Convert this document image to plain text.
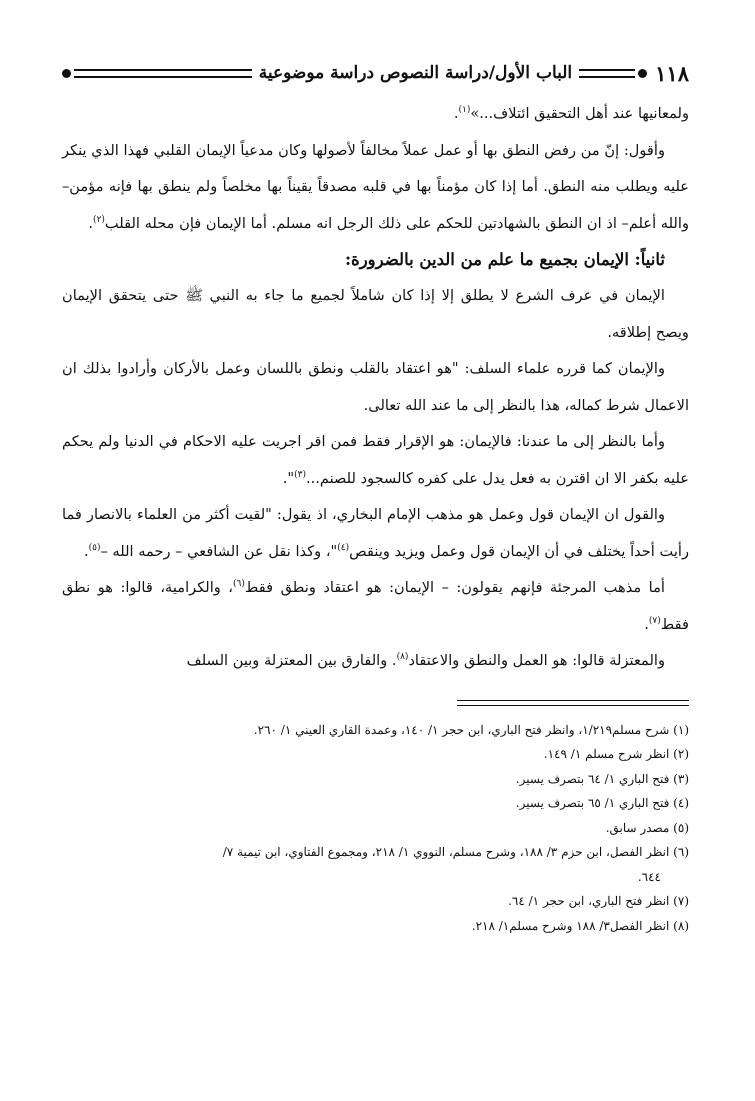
١١٨
الباب الأول/دراسة النصوص دراسة موضوعية

ولمعانيها عند أهل التحقيق ائتلاف...»$^{(١)}$.

وأقول: إنّ من رفض النطق بها أو عمل عملاً مخالفاً لأصولها وكان مدعياً الإيمان القلبي فهذا الذي ينكر عليه ويطلب منه النطق. أما إذا كان مؤمناً بها في قلبه مصدقاً يقيناً بها مخلصاً ولم ينطق بها فإنه مؤمن–والله أعلم– اذ ان النطق بالشهادتين للحكم على ذلك الرجل انه مسلم. أما الإيمان فإن محله القلب$^{(٢)}$.

ثانياً: الإيمان بجميع ما علم من الدين بالضرورة:

الإيمان في عرف الشرع لا يطلق إلا إذا كان شاملاً لجميع ما جاء به النبي ﷺ حتى يتحقق الإيمان ويصح إطلاقه.

والإيمان كما قرره علماء السلف: "هو اعتقاد بالقلب ونطق باللسان وعمل بالأركان وأرادوا بذلك ان الاعمال شرط كماله، هذا بالنظر إلى ما عند الله تعالى.

وأما بالنظر إلى ما عندنا: فالإيمان: هو الإقرار فقط فمن اقر اجريت عليه الاحكام في الدنيا ولم يحكم عليه بكفر الا ان اقترن به فعل يدل على كفره كالسجود للصنم...$^{(٣)}$".

والقول ان الإيمان قول وعمل هو مذهب الإمام البخاري، اذ يقول: "لقيت أكثر من العلماء بالانصار فما رأيت أحداً يختلف في أن الإيمان قول وعمل ويزيد وينقص$^{(٤)}$"، وكذا نقل عن الشافعي – رحمه الله –$^{(٥)}$.

أما مذهب المرجئة فإنهم يقولون: – الإيمان: هو اعتقاد ونطق فقط$^{(٦)}$، والكرامية، قالوا: هو نطق فقط$^{(٧)}$.

والمعتزلة قالوا: هو العمل والنطق والاعتقاد$^{(٨)}$. والفارق بين المعتزلة وبين السلف

(١) شرح مسلم١/٢١٩، وانظر فتح الباري، ابن حجر ١/ ١٤٠، وعمدة القاري العيني ١/ ٢٦٠.

(٢) انظر شرح مسلم ١/ ١٤٩.

(٣) فتح الباري ١/ ٦٤ بتصرف يسير.

(٤) فتح الباري ١/ ٦٥ بتصرف يسير.

(٥) مصدر سابق.

(٦) انظر الفصل، ابن حزم ٣/ ١٨٨، وشرح مسلم، النووي ١/ ٢١٨، ومجموع الفتاوي، ابن تيمية ٧/

٦٤٤.

(٧) انظر فتح الباري، ابن حجر ١/ ٦٤.

(٨) انظر الفصل٣/ ١٨٨ وشرح مسلم١/ ٢١٨.
